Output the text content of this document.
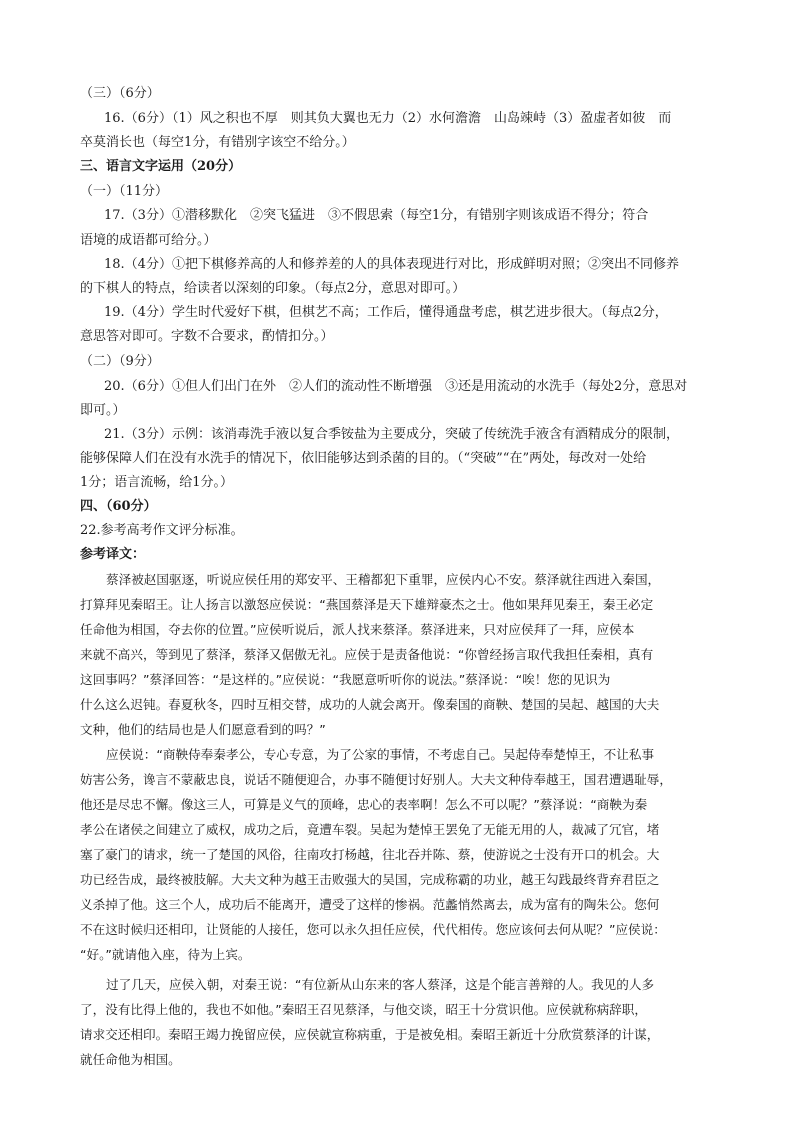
（三）（6分）
16.（6分）（1）风之积也不厚　则其负大翼也无力（2）水何澹澹　山岛竦峙（3）盈虚者如彼　而
卒莫消长也（每空1分，有错别字该空不给分。）
三、语言文字运用（20分）
（一）（11分）
17.（3分）①潜移默化　②突飞猛进　③不假思索（每空1分，有错别字则该成语不得分；符合
语境的成语都可给分。）
18.（4分）①把下棋修养高的人和修养差的人的具体表现进行对比，形成鲜明对照；②突出不同修养
的下棋人的特点，给读者以深刻的印象。（每点2分，意思对即可。）
19.（4分）学生时代爱好下棋，但棋艺不高；工作后，懂得通盘考虑，棋艺进步很大。（每点2分，
意思答对即可。字数不合要求，酌情扣分。）
（二）（9分）
20.（6分）①但人们出门在外　②人们的流动性不断增强　③还是用流动的水洗手（每处2分，意思对
即可。）
21.（3分）示例：该消毒洗手液以复合季铵盐为主要成分，突破了传统洗手液含有酒精成分的限制，
能够保障人们在没有水洗手的情况下，依旧能够达到杀菌的目的。（“突破”“在”两处，每改对一处给
1分；语言流畅，给1分。）
四、（60分）
22.参考高考作文评分标准。
参考译文：
蔡泽被赵国驱逐，听说应侯任用的郑安平、王稽都犯下重罪，应侯内心不安。蔡泽就往西进入秦国，
打算拜见秦昭王。让人扬言以激怒应侯说：“燕国蔡泽是天下雄辩豪杰之士。他如果拜见秦王，秦王必定
任命他为相国，夺去你的位置。”应侯听说后，派人找来蔡泽。蔡泽进来，只对应侯拜了一拜，应侯本
来就不高兴，等到见了蔡泽，蔡泽又倨傲无礼。应侯于是责备他说：“你曾经扬言取代我担任秦相，真有
这回事吗？”蔡泽回答：“是这样的。”应侯说：“我愿意听听你的说法。”蔡泽说：“唉！您的见识为
什么这么迟钝。春夏秋冬，四时互相交替，成功的人就会离开。像秦国的商鞅、楚国的吴起、越国的大夫
文种，他们的结局也是人们愿意看到的吗？”
应侯说：“商鞅侍奉秦孝公，专心专意，为了公家的事情，不考虑自己。吴起侍奉楚悼王，不让私事
妨害公务，谗言不蒙蔽忠良，说话不随便迎合，办事不随便讨好别人。大夫文种侍奉越王，国君遭遇耻辱，
他还是尽忠不懈。像这三人，可算是义气的顶峰，忠心的表率啊！怎么不可以呢？”蔡泽说：“商鞅为秦
孝公在诸侯之间建立了威权，成功之后，竟遭车裂。吴起为楚悼王罢免了无能无用的人，裁减了冗官，堵
塞了豪门的请求，统一了楚国的风俗，往南攻打杨越，往北吞并陈、蔡，使游说之士没有开口的机会。大
功已经告成，最终被肢解。大夫文种为越王击败强大的吴国，完成称霸的功业，越王勾践最终背弃君臣之
义杀掉了他。这三个人，成功后不能离开，遭受了这样的惨祸。范蠡悄然离去，成为富有的陶朱公。您何
不在这时候归还相印，让贤能的人接任，您可以永久担任应侯，代代相传。您应该何去何从呢？”应侯说：
“好。”就请他入座，待为上宾。
过了几天，应侯入朝，对秦王说：“有位新从山东来的客人蔡泽，这是个能言善辩的人。我见的人多
了，没有比得上他的，我也不如他。”秦昭王召见蔡泽，与他交谈，昭王十分赏识他。应侯就称病辞职，
请求交还相印。秦昭王竭力挽留应侯，应侯就宣称病重，于是被免相。秦昭王新近十分欣赏蔡泽的计谋，
就任命他为相国。
